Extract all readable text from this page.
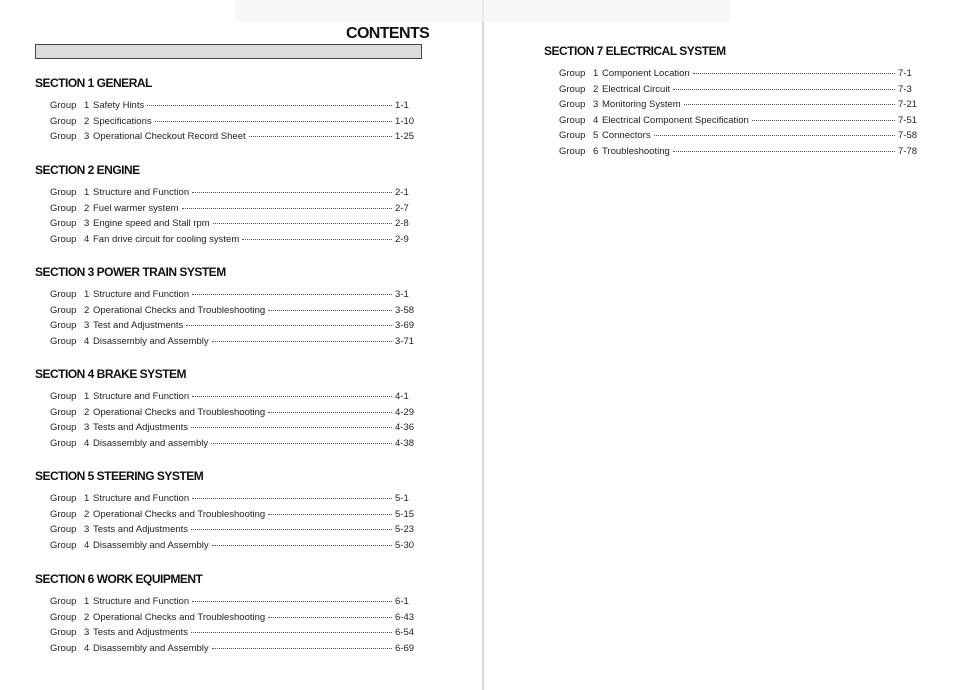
CONTENTS
SECTION 1 GENERAL
Group 1 Safety Hints	1-1
Group 2 Specifications	1-10
Group 3 Operational Checkout Record Sheet	1-25
SECTION 2 ENGINE
Group 1 Structure and Function	2-1
Group 2 Fuel warmer system	2-7
Group 3 Engine speed and Stall rpm	2-8
Group 4 Fan drive circuit for cooling system	2-9
SECTION 3 POWER TRAIN SYSTEM
Group 1 Structure and Function	3-1
Group 2 Operational Checks and Troubleshooting	3-58
Group 3 Test and Adjustments	3-69
Group 4 Disassembly and Assembly	3-71
SECTION 4 BRAKE SYSTEM
Group 1 Structure and Function	4-1
Group 2 Operational Checks and Troubleshooting	4-29
Group 3 Tests and Adjustments	4-36
Group 4 Disassembly and assembly	4-38
SECTION 5 STEERING SYSTEM
Group 1 Structure and Function	5-1
Group 2 Operational Checks and Troubleshooting	5-15
Group 3 Tests and Adjustments	5-23
Group 4 Disassembly and Assembly	5-30
SECTION 6 WORK EQUIPMENT
Group 1 Structure and Function	6-1
Group 2 Operational Checks and Troubleshooting	6-43
Group 3 Tests and Adjustments	6-54
Group 4 Disassembly and Assembly	6-69
SECTION 7 ELECTRICAL SYSTEM
Group 1 Component Location	7-1
Group 2 Electrical Circuit	7-3
Group 3 Monitoring System	7-21
Group 4 Electrical Component Specification	7-51
Group 5 Connectors	7-58
Group 6 Troubleshooting	7-78
